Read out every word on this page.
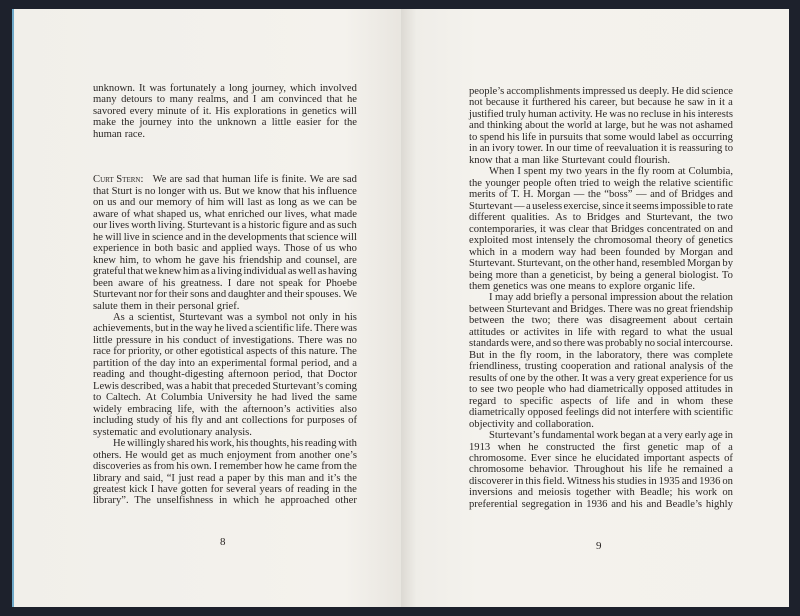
unknown. It was fortunately a long journey, which involved
many detours to many realms, and I am convinced that he
savored every minute of it. His explorations in genetics will
make the journey into the unknown a little easier for the
human race.
Curt Stern: We are sad that human life is finite. We are sad
that Sturt is no longer with us. But we know that his influence
on us and our memory of him will last as long as we can be
aware of what shaped us, what enriched our lives, what made
our lives worth living. Sturtevant is a historic figure and as such
he will live in science and in the developments that science will
experience in both basic and applied ways. Those of us who
knew him, to whom he gave his friendship and counsel, are
grateful that we knew him as a living individual as well as having
been aware of his greatness. I dare not speak for Phoebe
Sturtevant nor for their sons and daughter and their spouses. We
salute them in their personal grief.
As a scientist, Sturtevant was a symbol not only in his
achievements, but in the way he lived a scientific life. There was
little pressure in his conduct of investigations. There was no
race for priority, or other egotistical aspects of this nature. The
partition of the day into an experimental formal period, and a
reading and thought-digesting afternoon period, that Doctor
Lewis described, was a habit that preceded Sturtevant’s coming
to Caltech. At Columbia University he had lived the same
widely embracing life, with the afternoon’s activities also
including study of his fly and ant collections for purposes of
systematic and evolutionary analysis.
He willingly shared his work, his thoughts, his reading with
others. He would get as much enjoyment from another one’s
discoveries as from his own. I remember how he came from the
library and said, “I just read a paper by this man and it’s the
greatest kick I have gotten for several years of reading in the
library”. The unselfishness in which he approached other
8
people’s accomplishments impressed us deeply. He did science
not because it furthered his career, but because he saw in it a
justified truly human activity. He was no recluse in his interests
and thinking about the world at large, but he was not ashamed
to spend his life in pursuits that some would label as occurring
in an ivory tower. In our time of reevaluation it is reassuring to
know that a man like Sturtevant could flourish.
When I spent my two years in the fly room at Columbia,
the younger people often tried to weigh the relative scientific
merits of T. H. Morgan — the “boss” — and of Bridges and
Sturtevant — a useless exercise, since it seems impossible to rate
different qualities. As to Bridges and Sturtevant, the two
contemporaries, it was clear that Bridges concentrated on and
exploited most intensely the chromosomal theory of genetics
which in a modern way had been founded by Morgan and
Sturtevant. Sturtevant, on the other hand, resembled Morgan by
being more than a geneticist, by being a general biologist. To
them genetics was one means to explore organic life.
I may add briefly a personal impression about the relation
between Sturtevant and Bridges. There was no great friendship
between the two; there was disagreement about certain
attitudes or activites in life with regard to what the usual
standards were, and so there was probably no social intercourse.
But in the fly room, in the laboratory, there was complete
friendliness, trusting cooperation and rational analysis of the
results of one by the other. It was a very great experience for us
to see two people who had diametrically opposed attitudes in
regard to specific aspects of life and in whom these
diametrically opposed feelings did not interfere with scientific
objectivity and collaboration.
Sturtevant’s fundamental work began at a very early age in
1913 when he constructed the first genetic map of a
chromosome. Ever since he elucidated important aspects of
chromosome behavior. Throughout his life he remained a
discoverer in this field. Witness his studies in 1935 and 1936 on
inversions and meiosis together with Beadle; his work on
preferential segregation in 1936 and his and Beadle’s highly
9
